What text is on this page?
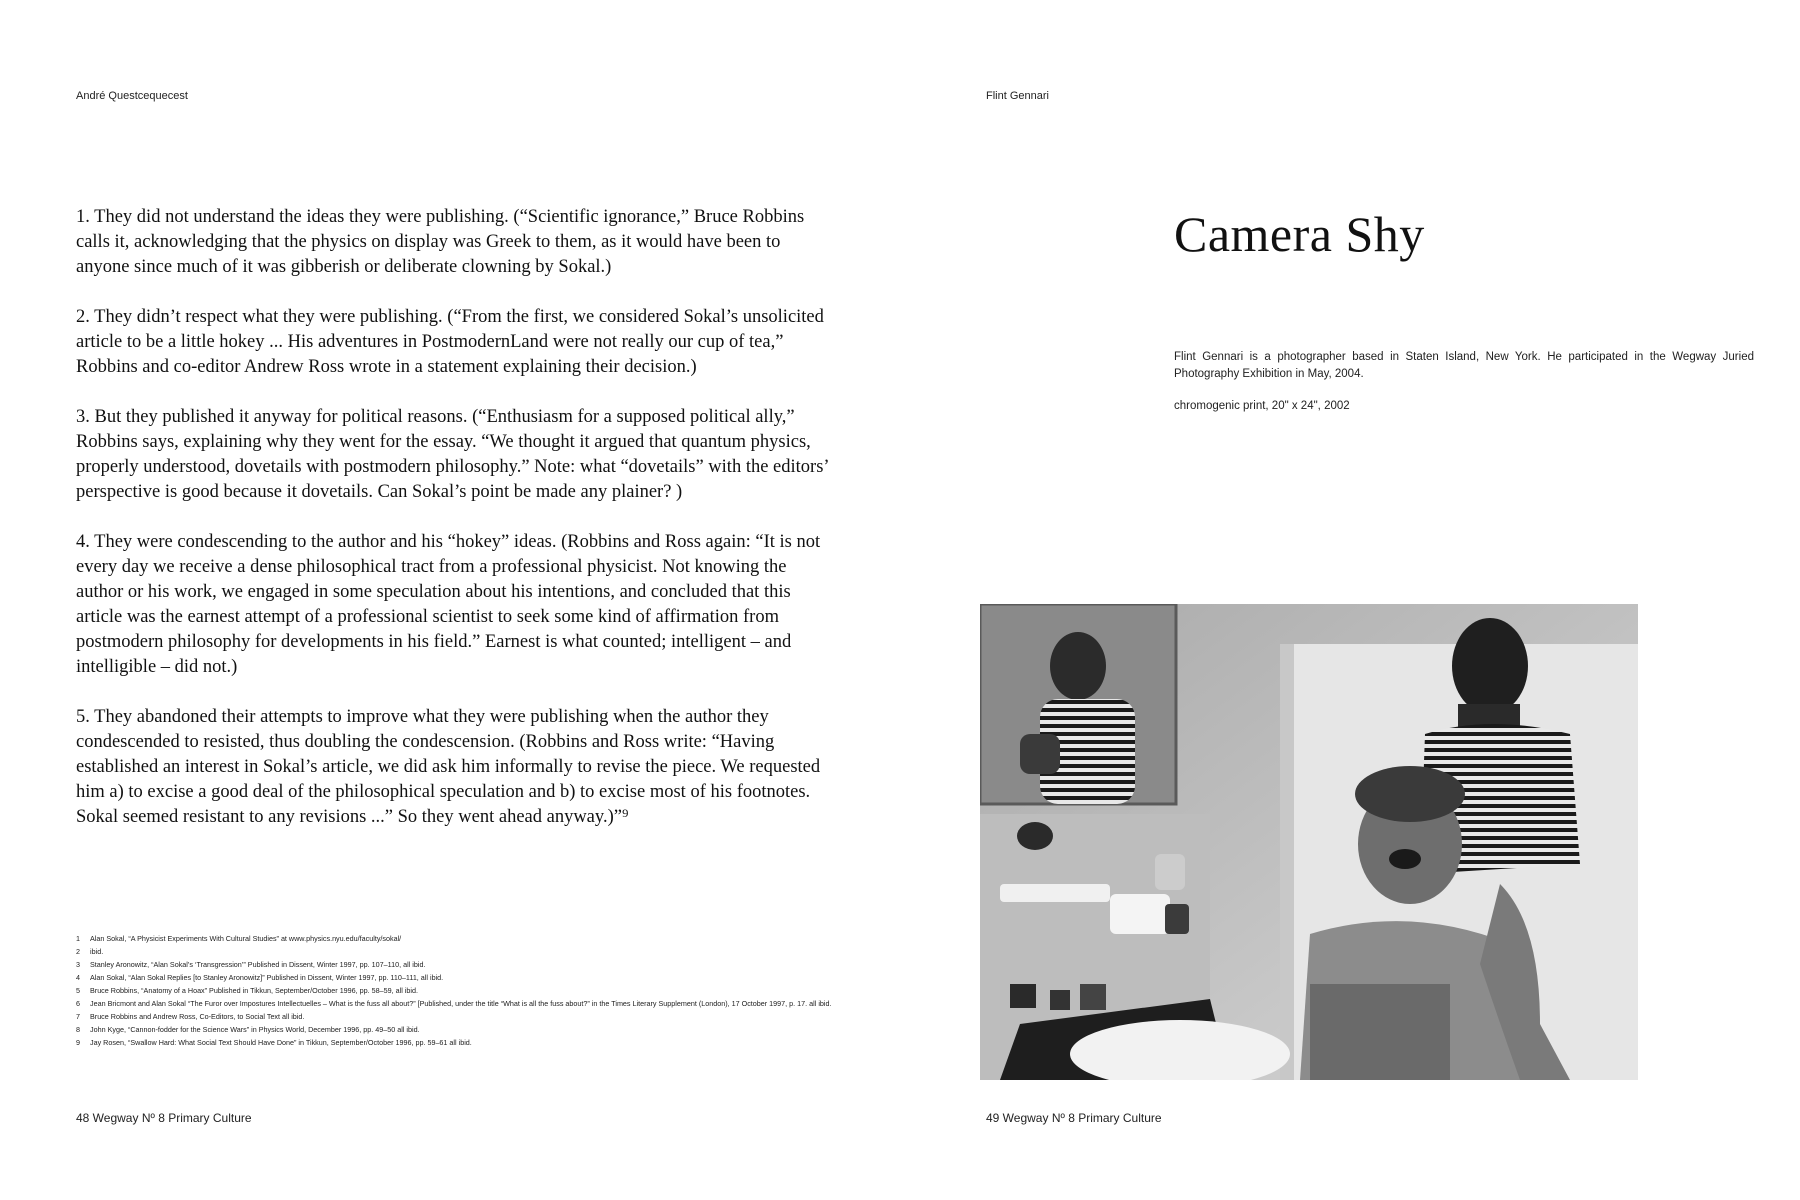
André Questcequecest

1. They did not understand the ideas they were publishing. (“Scientific ignorance,” Bruce Robbins calls it, acknowledging that the physics on display was Greek to them, as it would have been to anyone since much of it was gibberish or deliberate clowning by Sokal.)

2. They didn’t respect what they were publishing. (“From the first, we considered Sokal’s unsolicited article to be a little hokey ... His adventures in PostmodernLand were not really our cup of tea,” Robbins and co-editor Andrew Ross wrote in a statement explaining their decision.)

3. But they published it anyway for political reasons. (“Enthusiasm for a supposed political ally,” Robbins says, explaining why they went for the essay. “We thought it argued that quantum physics, properly understood, dovetails with postmodern philosophy.” Note: what “dovetails” with the editors’ perspective is good because it dovetails. Can Sokal’s point be made any plainer? )

4. They were condescending to the author and his “hokey” ideas. (Robbins and Ross again: “It is not every day we receive a dense philosophical tract from a professional physicist. Not knowing the author or his work, we engaged in some speculation about his intentions, and concluded that this article was the earnest attempt of a professional scientist to seek some kind of affirmation from postmodern philosophy for developments in his field.” Earnest is what counted; intelligent – and intelligible – did not.)

5. They abandoned their attempts to improve what they were publishing when the author they condescended to resisted, thus doubling the condescension. (Robbins and Ross write: “Having established an interest in Sokal’s article, we did ask him informally to revise the piece. We requested him a) to excise a good deal of the philosophical speculation and b) to excise most of his footnotes. Sokal seemed resistant to any revisions ...” So they went ahead anyway.)”⁹

1	Alan Sokal, “A Physicist Experiments With Cultural Studies” at www.physics.nyu.edu/faculty/sokal/
2	ibid.
3	Stanley Aronowitz, “Alan Sokal’s ‘Transgression’” Published in Dissent, Winter 1997, pp. 107–110, all ibid.
4	Alan Sokal, “Alan Sokal Replies [to Stanley Aronowitz]” Published in Dissent, Winter 1997, pp. 110–111, all ibid.
5	Bruce Robbins, “Anatomy of a Hoax” Published in Tikkun, September/October 1996, pp. 58–59, all ibid.
6	Jean Bricmont and Alan Sokal “The Furor over Impostures Intellectuelles – What is the fuss all about?” [Published, under the title “What is all the fuss about?” in the Times Literary Supplement (London), 17 October 1997, p. 17. all ibid.
7	Bruce Robbins and Andrew Ross, Co-Editors, to Social Text all ibid.
8	John Kyge, “Cannon-fodder for the Science Wars” in Physics World, December 1996, pp. 49–50 all ibid.
9	Jay Rosen, “Swallow Hard: What Social Text Should Have Done” in Tikkun, September/October 1996, pp. 59–61 all ibid.
48 Wegway Nº 8 Primary Culture
Flint Gennari
Camera Shy
Flint Gennari is a photographer based in Staten Island, New York. He participated in the Wegway Juried Photography Exhibition in May, 2004.
chromogenic print, 20" x 24", 2002
49 Wegway Nº 8 Primary Culture
